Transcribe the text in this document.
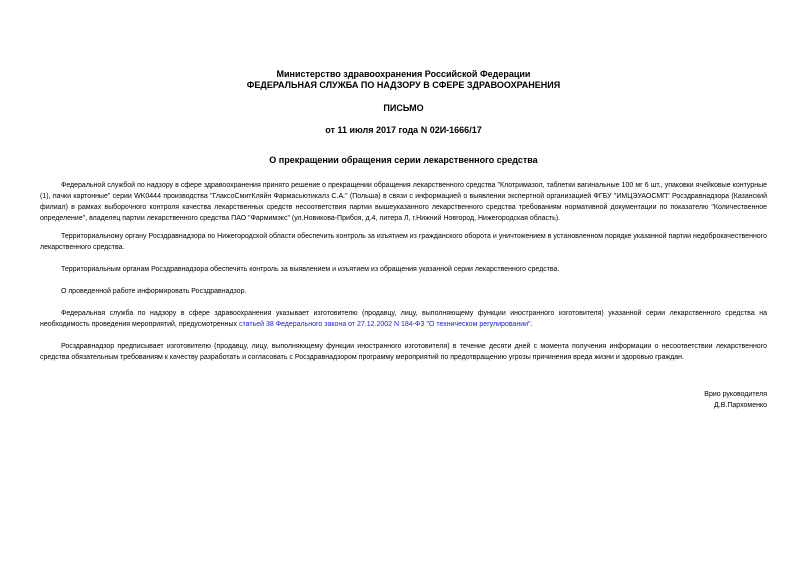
Министерство здравоохранения Российской Федерации
ФЕДЕРАЛЬНАЯ СЛУЖБА ПО НАДЗОРУ В СФЕРЕ ЗДРАВООХРАНЕНИЯ
ПИСЬМО
от 11 июля 2017 года N 02И-1666/17
О прекращении обращения серии лекарственного средства

Федеральной службой по надзору в сфере здравоохранения принято решение о прекращении обращения лекарственного средства "Клотримазол, таблетки вагинальные 100 мг 6 шт., упаковки ячейковые контурные (1), пачки картонные" серии WK0444 производства "ГлаксоСмитКляйн Фармасьютикалз С.А." (Польша) в связи с информацией о выявлении экспертной организацией ФГБУ "ИМЦЭУАОСМП" Росздравнадзора (Казанский филиал) в рамках выборочного контроля качества лекарственных средств несоответствия партии вышеуказанного лекарственного средства требованиям нормативной документации по показателю "Количественное определение", владелец партии лекарственного средства ПАО "Фармимэкс" (ул.Новикова-Прибоя, д.4, литера Л, г.Нижний Новгород, Нижегородская область).

Территориальному органу Росздравнадзора по Нижегородской области обеспечить контроль за изъятием из гражданского оборота и уничтожением в установленном порядке указанной партии недоброкачественного лекарственного средства.

Территориальным органам Росздравнадзора обеспечить контроль за выявлением и изъятием из обращения указанной серии лекарственного средства.

О проведенной работе информировать Росздравнадзор.

Федеральная служба по надзору в сфере здравоохранения указывает изготовителю (продавцу, лицу, выполняющему функции иностранного изготовителя) указанной серии лекарственного средства на необходимость проведения мероприятий, предусмотренных статьей 38 Федерального закона от 27.12.2002 N 184-ФЗ "О техническом регулировании".

Росздравнадзор предписывает изготовителю (продавцу, лицу, выполняющему функции иностранного изготовителя) в течение десяти дней с момента получения информации о несоответствии лекарственного средства обязательным требованиям к качеству разработать и согласовать с Росздравнадзором программу мероприятий по предотвращению угрозы причинения вреда жизни и здоровью граждан.

Врио руководителя
Д.В.Пархоменко
